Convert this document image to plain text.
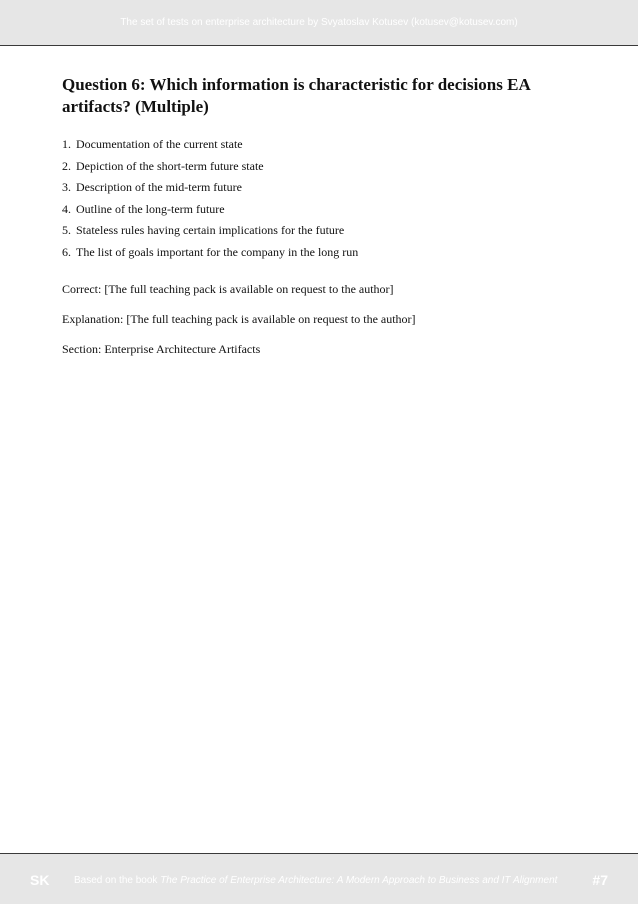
The set of tests on enterprise architecture by Svyatoslav Kotusev (kotusev@kotusev.com)
Question 6: Which information is characteristic for decisions EA artifacts? (Multiple)
1. Documentation of the current state
2. Depiction of the short-term future state
3. Description of the mid-term future
4. Outline of the long-term future
5. Stateless rules having certain implications for the future
6. The list of goals important for the company in the long run

Correct: [The full teaching pack is available on request to the author]

Explanation: [The full teaching pack is available on request to the author]

Section: Enterprise Architecture Artifacts

SK Based on the book The Practice of Enterprise Architecture: A Modern Approach to Business and IT Alignment	#7
